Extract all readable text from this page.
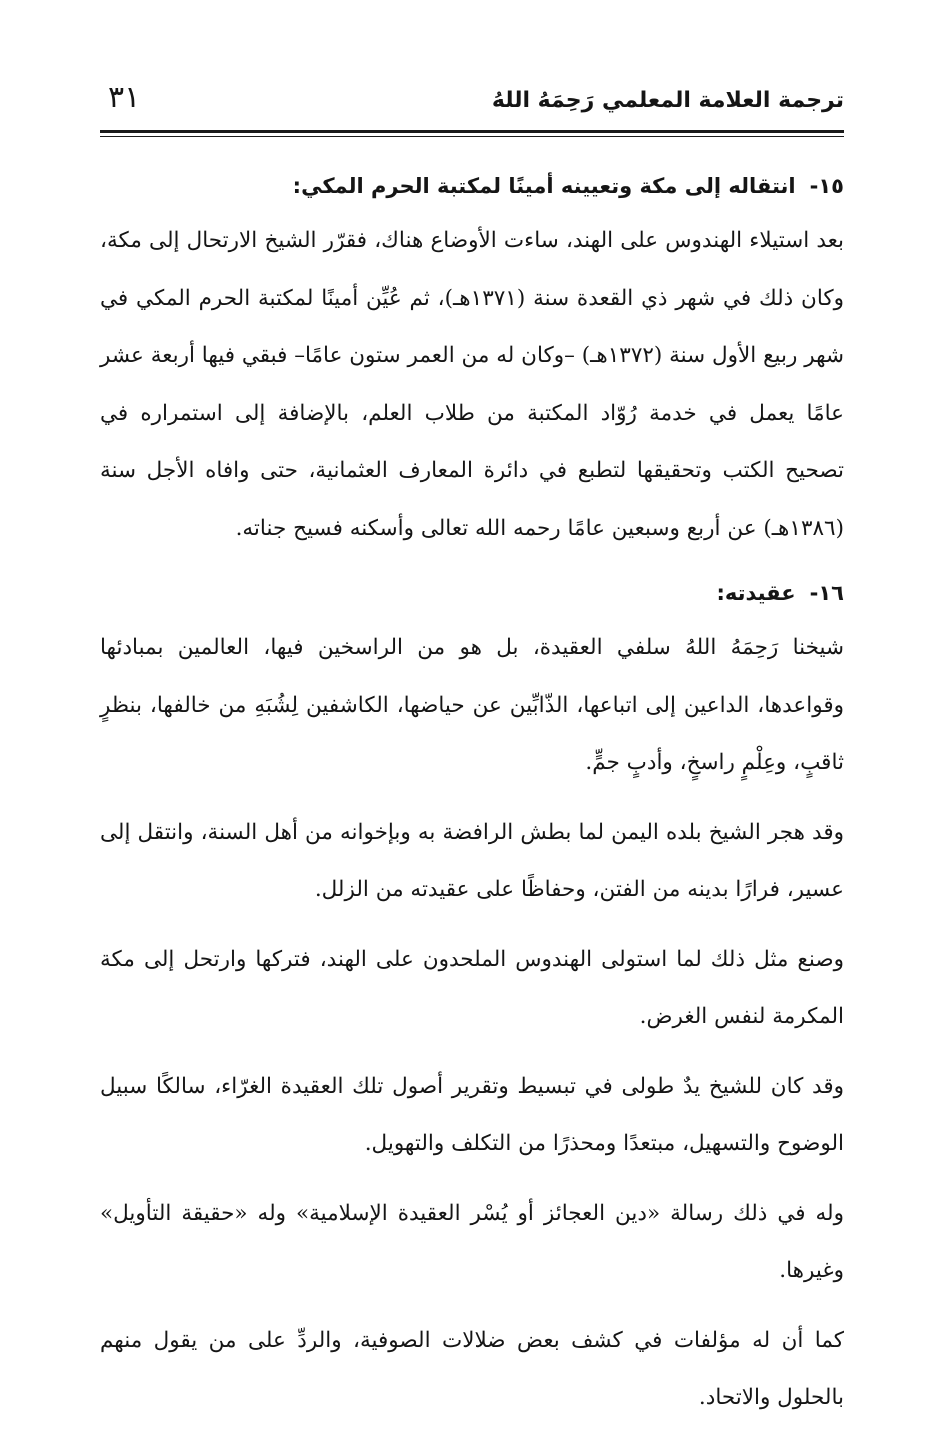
ترجمة العلامة المعلمي رَحِمَهُ اللهُ
٣١
١٥-انتقاله إلى مكة وتعيينه أمينًا لمكتبة الحرم المكي:

بعد استيلاء الهندوس على الهند، ساءت الأوضاع هناك، فقرّر الشيخ الارتحال إلى مكة، وكان ذلك في شهر ذي القعدة سنة (١٣٧١هـ)، ثم عُيِّن أمينًا لمكتبة الحرم المكي في شهر ربيع الأول سنة (١٣٧٢هـ) –وكان له من العمر ستون عامًا– فبقي فيها أربعة عشر عامًا يعمل في خدمة رُوّاد المكتبة من طلاب العلم، بالإضافة إلى استمراره في تصحيح الكتب وتحقيقها لتطبع في دائرة المعارف العثمانية، حتى وافاه الأجل سنة (١٣٨٦هـ) عن أربع وسبعين عامًا رحمه الله تعالى وأسكنه فسيح جناته.

١٦-عقيدته:

شيخنا رَحِمَهُ اللهُ سلفي العقيدة، بل هو من الراسخين فيها، العالمين بمبادئها وقواعدها، الداعين إلى اتباعها، الذّابِّين عن حياضها، الكاشفين لِشُبَهِ من خالفها، بنظرٍ ثاقبٍ، وعِلْمٍ راسخٍ، وأدبٍ جمٍّ.

وقد هجر الشيخ بلده اليمن لما بطش الرافضة به وبإخوانه من أهل السنة، وانتقل إلى عسير، فرارًا بدينه من الفتن، وحفاظًا على عقيدته من الزلل.

وصنع مثل ذلك لما استولى الهندوس الملحدون على الهند، فتركها وارتحل إلى مكة المكرمة لنفس الغرض.

وقد كان للشيخ يدٌ طولى في تبسيط وتقرير أصول تلك العقيدة الغرّاء، سالكًا سبيل الوضوح والتسهيل، مبتعدًا ومحذرًا من التكلف والتهويل.

وله في ذلك رسالة «دين العجائز أو يُسْر العقيدة الإسلامية» وله «حقيقة التأويل» وغيرها.

كما أن له مؤلفات في كشف بعض ضلالات الصوفية، والردِّ على من يقول منهم بالحلول والاتحاد.
